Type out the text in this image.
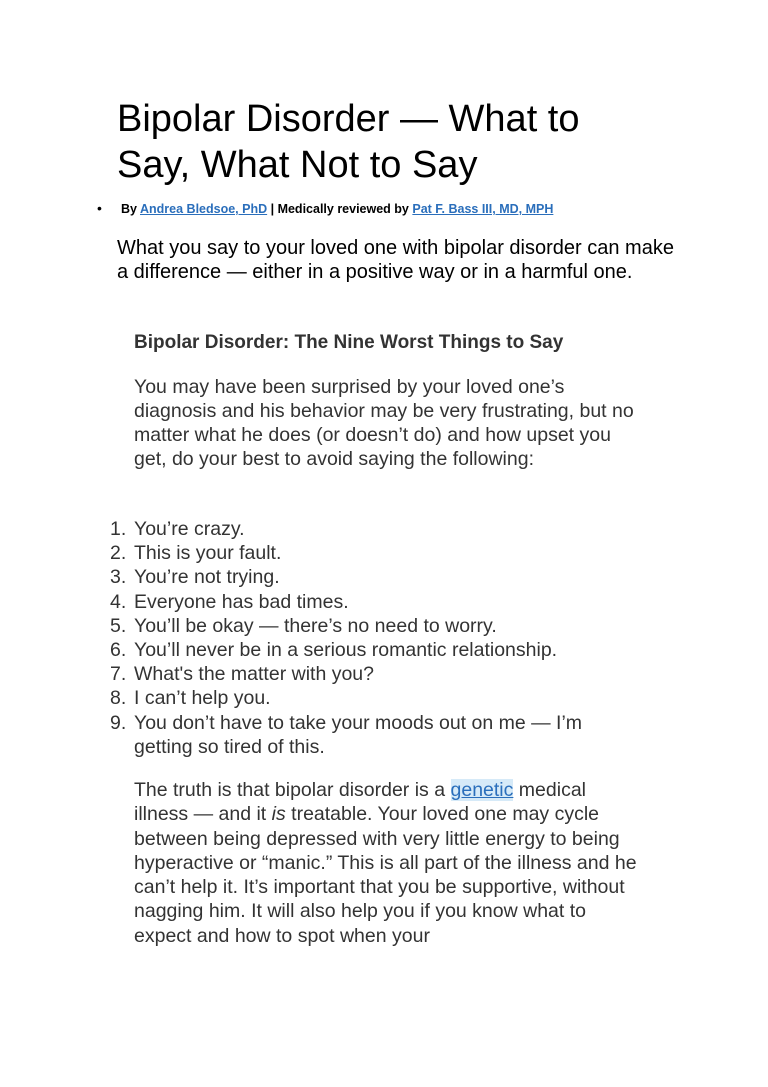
Bipolar Disorder — What to Say, What Not to Say
• By Andrea Bledsoe, PhD | Medically reviewed by Pat F. Bass III, MD, MPH

What you say to your loved one with bipolar disorder can make a difference — either in a positive way or in a harmful one.

Bipolar Disorder: The Nine Worst Things to Say

You may have been surprised by your loved one’s diagnosis and his behavior may be very frustrating, but no matter what he does (or doesn’t do) and how upset you get, do your best to avoid saying the following:

1. You’re crazy.
2. This is your fault.
3. You’re not trying.
4. Everyone has bad times.
5. You’ll be okay — there’s no need to worry.
6. You’ll never be in a serious romantic relationship.
7. What's the matter with you?
8. I can’t help you.
9. You don’t have to take your moods out on me — I’m getting so tired of this.

The truth is that bipolar disorder is a genetic medical illness — and it is treatable. Your loved one may cycle between being depressed with very little energy to being hyperactive or “manic.” This is all part of the illness and he can’t help it. It’s important that you be supportive, without nagging him. It will also help you if you know what to expect and how to spot when your
